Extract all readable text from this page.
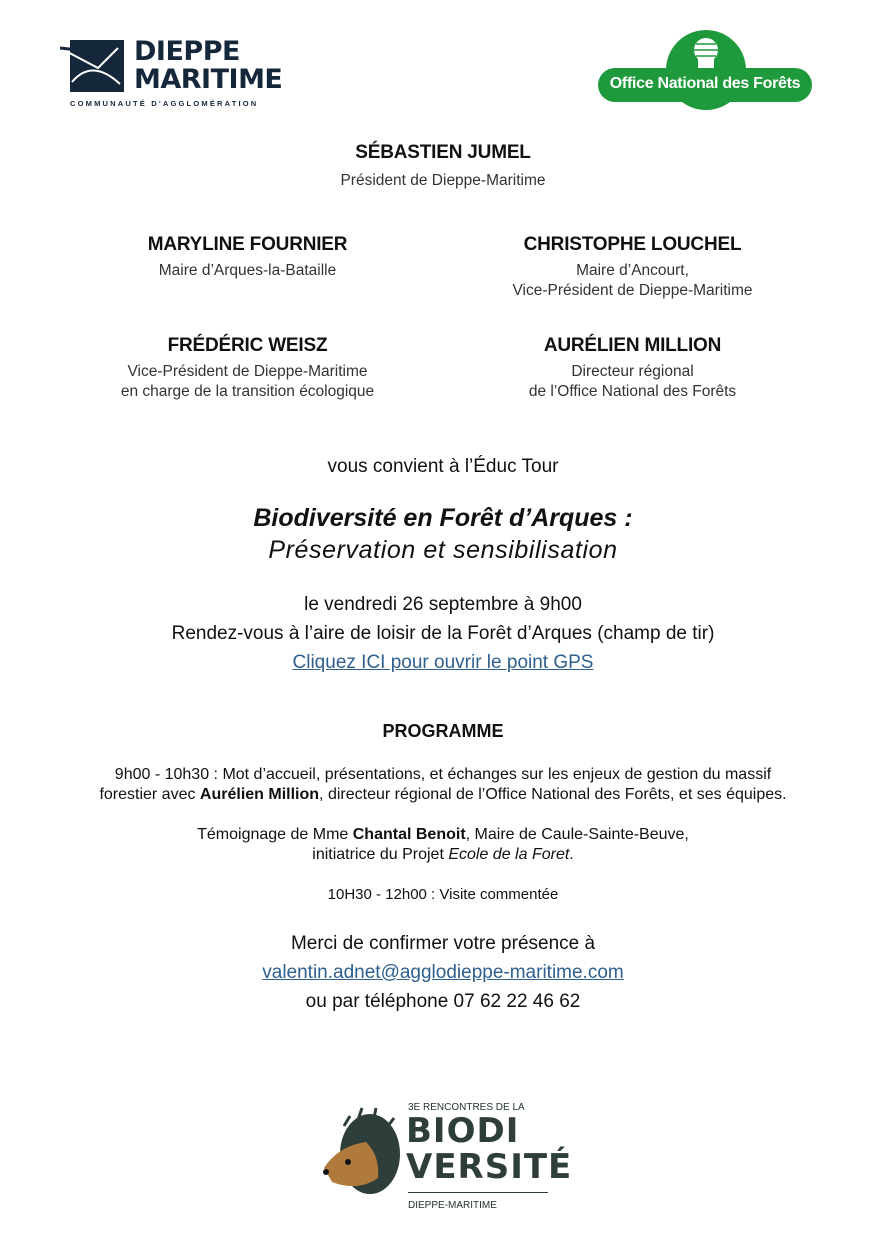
DIEPPE
MARITIME
COMMUNAUTÉ D'AGGLOMÉRATION
Office National des Forêts
SÉBASTIEN JUMEL
Président de Dieppe-Maritime
MARYLINE FOURNIER
Maire d’Arques-la-Bataille
CHRISTOPHE LOUCHEL
Maire d’Ancourt,
Vice-Président de Dieppe-Maritime
FRÉDÉRIC WEISZ
Vice-Président de Dieppe-Maritime
en charge de la transition écologique
AURÉLIEN MILLION
Directeur régional
de l’Office National des Forêts
vous convient à l’Éduc Tour
Biodiversité en Forêt d’Arques :
Préservation et sensibilisation
le vendredi 26 septembre à 9h00
Rendez-vous à l’aire de loisir de la Forêt d’Arques (champ de tir)
Cliquez ICI pour ouvrir le point GPS
PROGRAMME
9h00 - 10h30 : Mot d’accueil, présentations, et échanges sur les enjeux de gestion du massif
forestier avec Aurélien Million, directeur régional de l’Office National des Forêts, et ses équipes.
Témoignage de Mme Chantal Benoit, Maire de Caule-Sainte-Beuve,
initiatrice du Projet Ecole de la Foret.
10H30 - 12h00 : Visite commentée
Merci de confirmer votre présence à
valentin.adnet@agglodieppe-maritime.com
ou par téléphone 07 62 22 46 62
3E RENCONTRES DE LA
BIODI
VERSITÉ
DIEPPE-MARITIME
